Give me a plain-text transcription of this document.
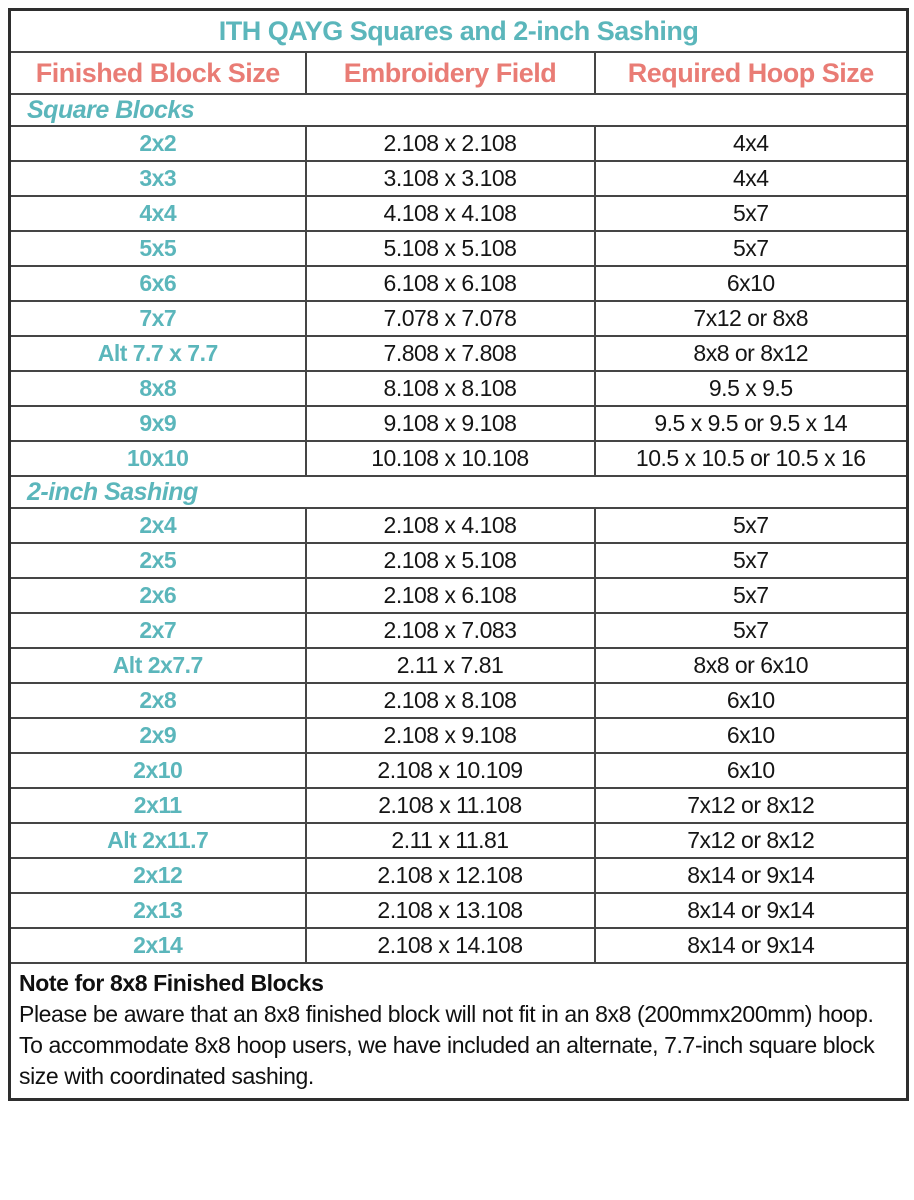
ITH QAYG Squares and 2-inch Sashing		
Finished Block Size	Embroidery Field	Required Hoop Size
Square Blocks		
2x2	2.108 x 2.108	4x4
3x3	3.108 x 3.108	4x4
4x4	4.108 x 4.108	5x7
5x5	5.108 x 5.108	5x7
6x6	6.108 x 6.108	6x10
7x7	7.078 x 7.078	7x12 or 8x8
Alt 7.7 x 7.7	7.808 x 7.808	8x8 or 8x12
8x8	8.108 x 8.108	9.5 x 9.5
9x9	9.108 x 9.108	9.5 x 9.5 or 9.5 x 14
10x10	10.108 x 10.108	10.5 x 10.5 or 10.5 x 16
2-inch Sashing		
2x4	2.108 x 4.108	5x7
2x5	2.108 x 5.108	5x7
2x6	2.108 x 6.108	5x7
2x7	2.108 x 7.083	5x7
Alt 2x7.7	2.11 x 7.81	8x8 or 6x10
2x8	2.108 x 8.108	6x10
2x9	2.108 x 9.108	6x10
2x10	2.108 x 10.109	6x10
2x11	2.108 x 11.108	7x12 or 8x12
Alt 2x11.7	2.11 x 11.81	7x12 or 8x12
2x12	2.108 x 12.108	8x14 or 9x14
2x13	2.108 x 13.108	8x14 or 9x14
2x14	2.108 x 14.108	8x14 or 9x14

Note for 8x8 Finished Blocks
Please be aware that an 8x8 finished block will not fit in an 8x8 (200mmx200mm) hoop. To accommodate 8x8 hoop users, we have included an alternate, 7.7-inch square block size with coordinated sashing.		
